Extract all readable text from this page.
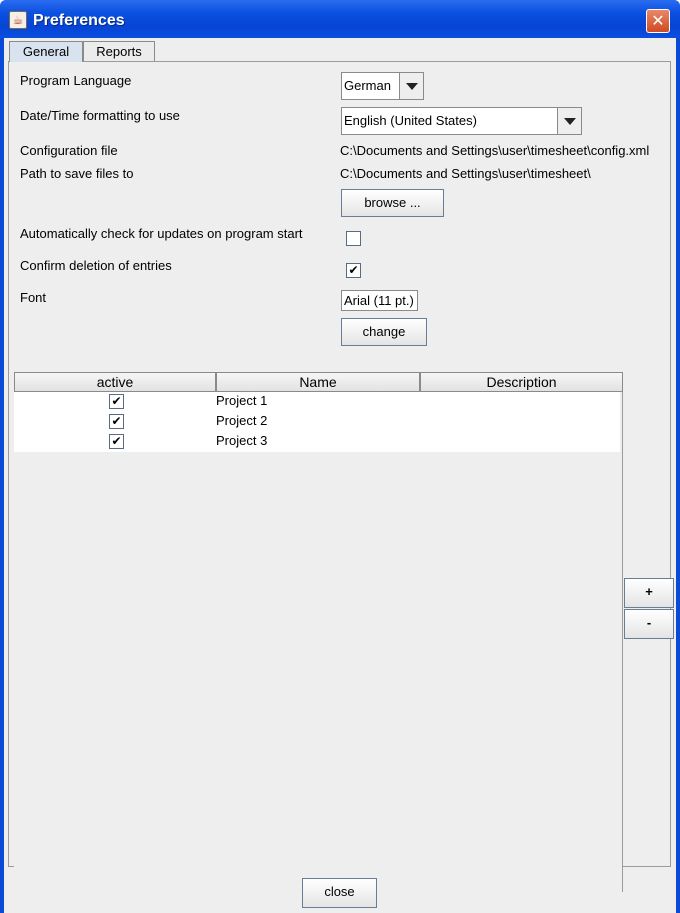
☕ Preferences	✕
General	Reports
Program Language	German
Date/Time formatting to use	English (United States)
Configuration file	C:\Documents and Settings\user\timesheet\config.xml
Path to save files to	C:\Documents and Settings\user\timesheet\
browse ...
Automatically check for updates on program start
Confirm deletion of entries	✔
Font	Arial (11 pt.)
change
active	Name	Description
✔	Project 1
✔	Project 2
✔	Project 3
+
-
close
